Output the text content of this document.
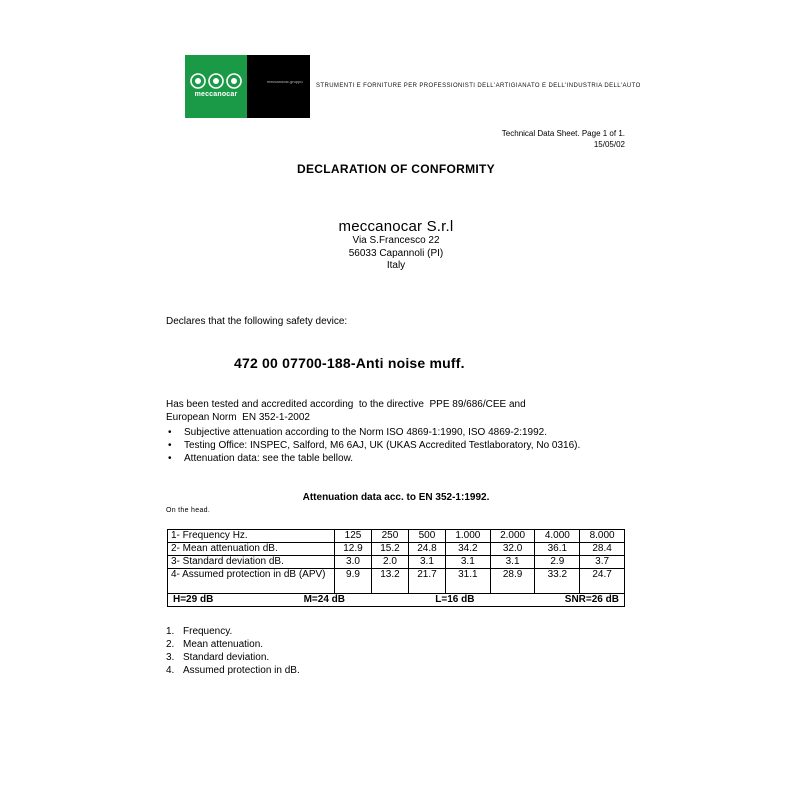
meccanocar
meccanocar-gruppo
STRUMENTI E FORNITURE PER PROFESSIONISTI DELL'ARTIGIANATO E DELL'INDUSTRIA DELL'AUTO
Technical Data Sheet. Page 1 of 1.
15/05/02
DECLARATION OF CONFORMITY
meccanocar S.r.l
Via S.Francesco 22
56033 Capannoli (PI)
Italy
Declares that the following safety device:
472 00 07700-188-Anti noise muff.
Has been tested and accredited according  to the directive  PPE 89/686/CEE and
European Norm  EN 352-1-2002
• Subjective attenuation according to the Norm ISO 4869-1:1990, ISO 4869-2:1992.
• Testing Office: INSPEC, Salford, M6 6AJ, UK (UKAS Accredited Testlaboratory, No 0316).
• Attenuation data: see the table bellow.
Attenuation data acc. to EN 352-1:1992.
On the head.
1- Frequency Hz.	125	250	500	1.000	2.000	4.000	8.000
2- Mean attenuation dB.	12.9	15.2	24.8	34.2	32.0	36.1	28.4
3- Standard deviation dB.	3.0	2.0	3.1	3.1	3.1	2.9	3.7
4- Assumed protection in dB (APV)	9.9	13.2	21.7	31.1	28.9	33.2	24.7

H=29 dB M=24 dB L=16 dB SNR=26 dB							
1. Frequency.
2. Mean attenuation.
3. Standard deviation.
4. Assumed protection in dB.
